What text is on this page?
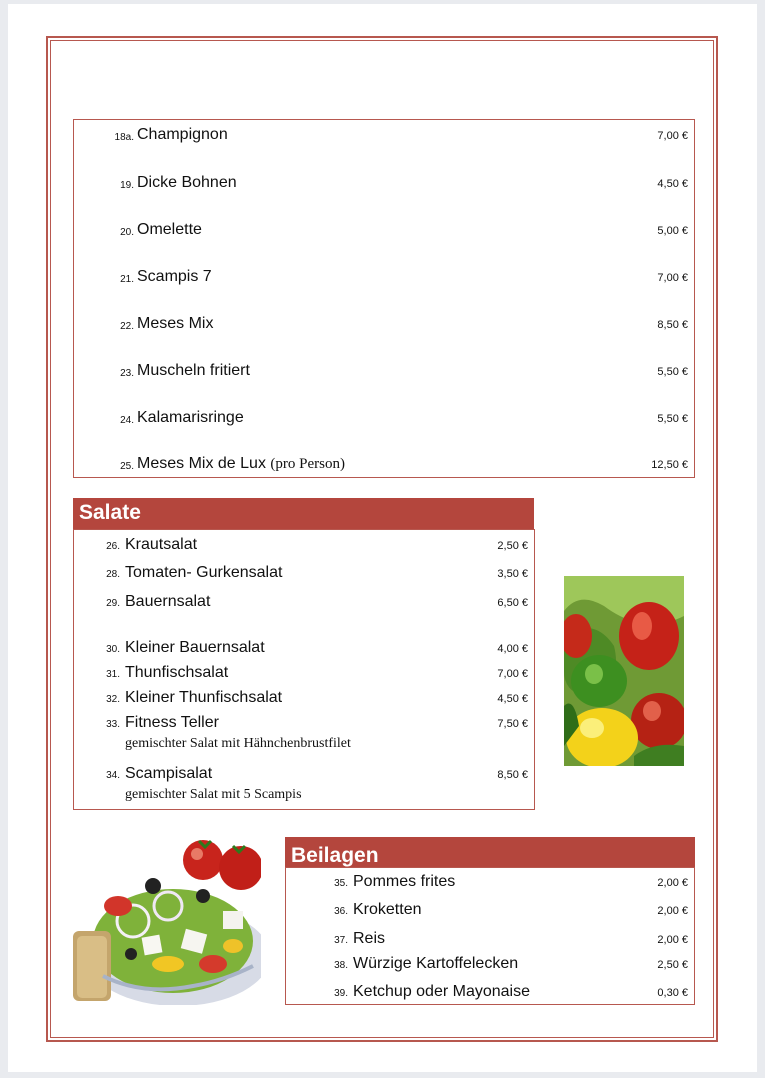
18a. Champignon	7,00 €
19. Dicke Bohnen	4,50 €
20. Omelette	5,00 €
21. Scampis 7	7,00 €
22. Meses Mix	8,50 €
23. Muscheln fritiert	5,50 €
24. Kalamarisringe	5,50 €
25. Meses Mix de Lux (pro Person)	12,50 €
Salate
26. Krautsalat	2,50 €
28. Tomaten- Gurkensalat	3,50 €
29. Bauernsalat	6,50 €
30. Kleiner Bauernsalat	4,00 €
31. Thunfischsalat	7,00 €
32. Kleiner Thunfischsalat	4,50 €
33. Fitness Teller	7,50 €
gemischter Salat mit Hähnchenbrustfilet
34. Scampisalat	8,50 €
gemischter Salat mit 5 Scampis
Beilagen
35. Pommes frites	2,00 €
36. Kroketten	2,00 €
37. Reis	2,00 €
38. Würzige Kartoffelecken	2,50 €
39. Ketchup oder Mayonaise	0,30 €
